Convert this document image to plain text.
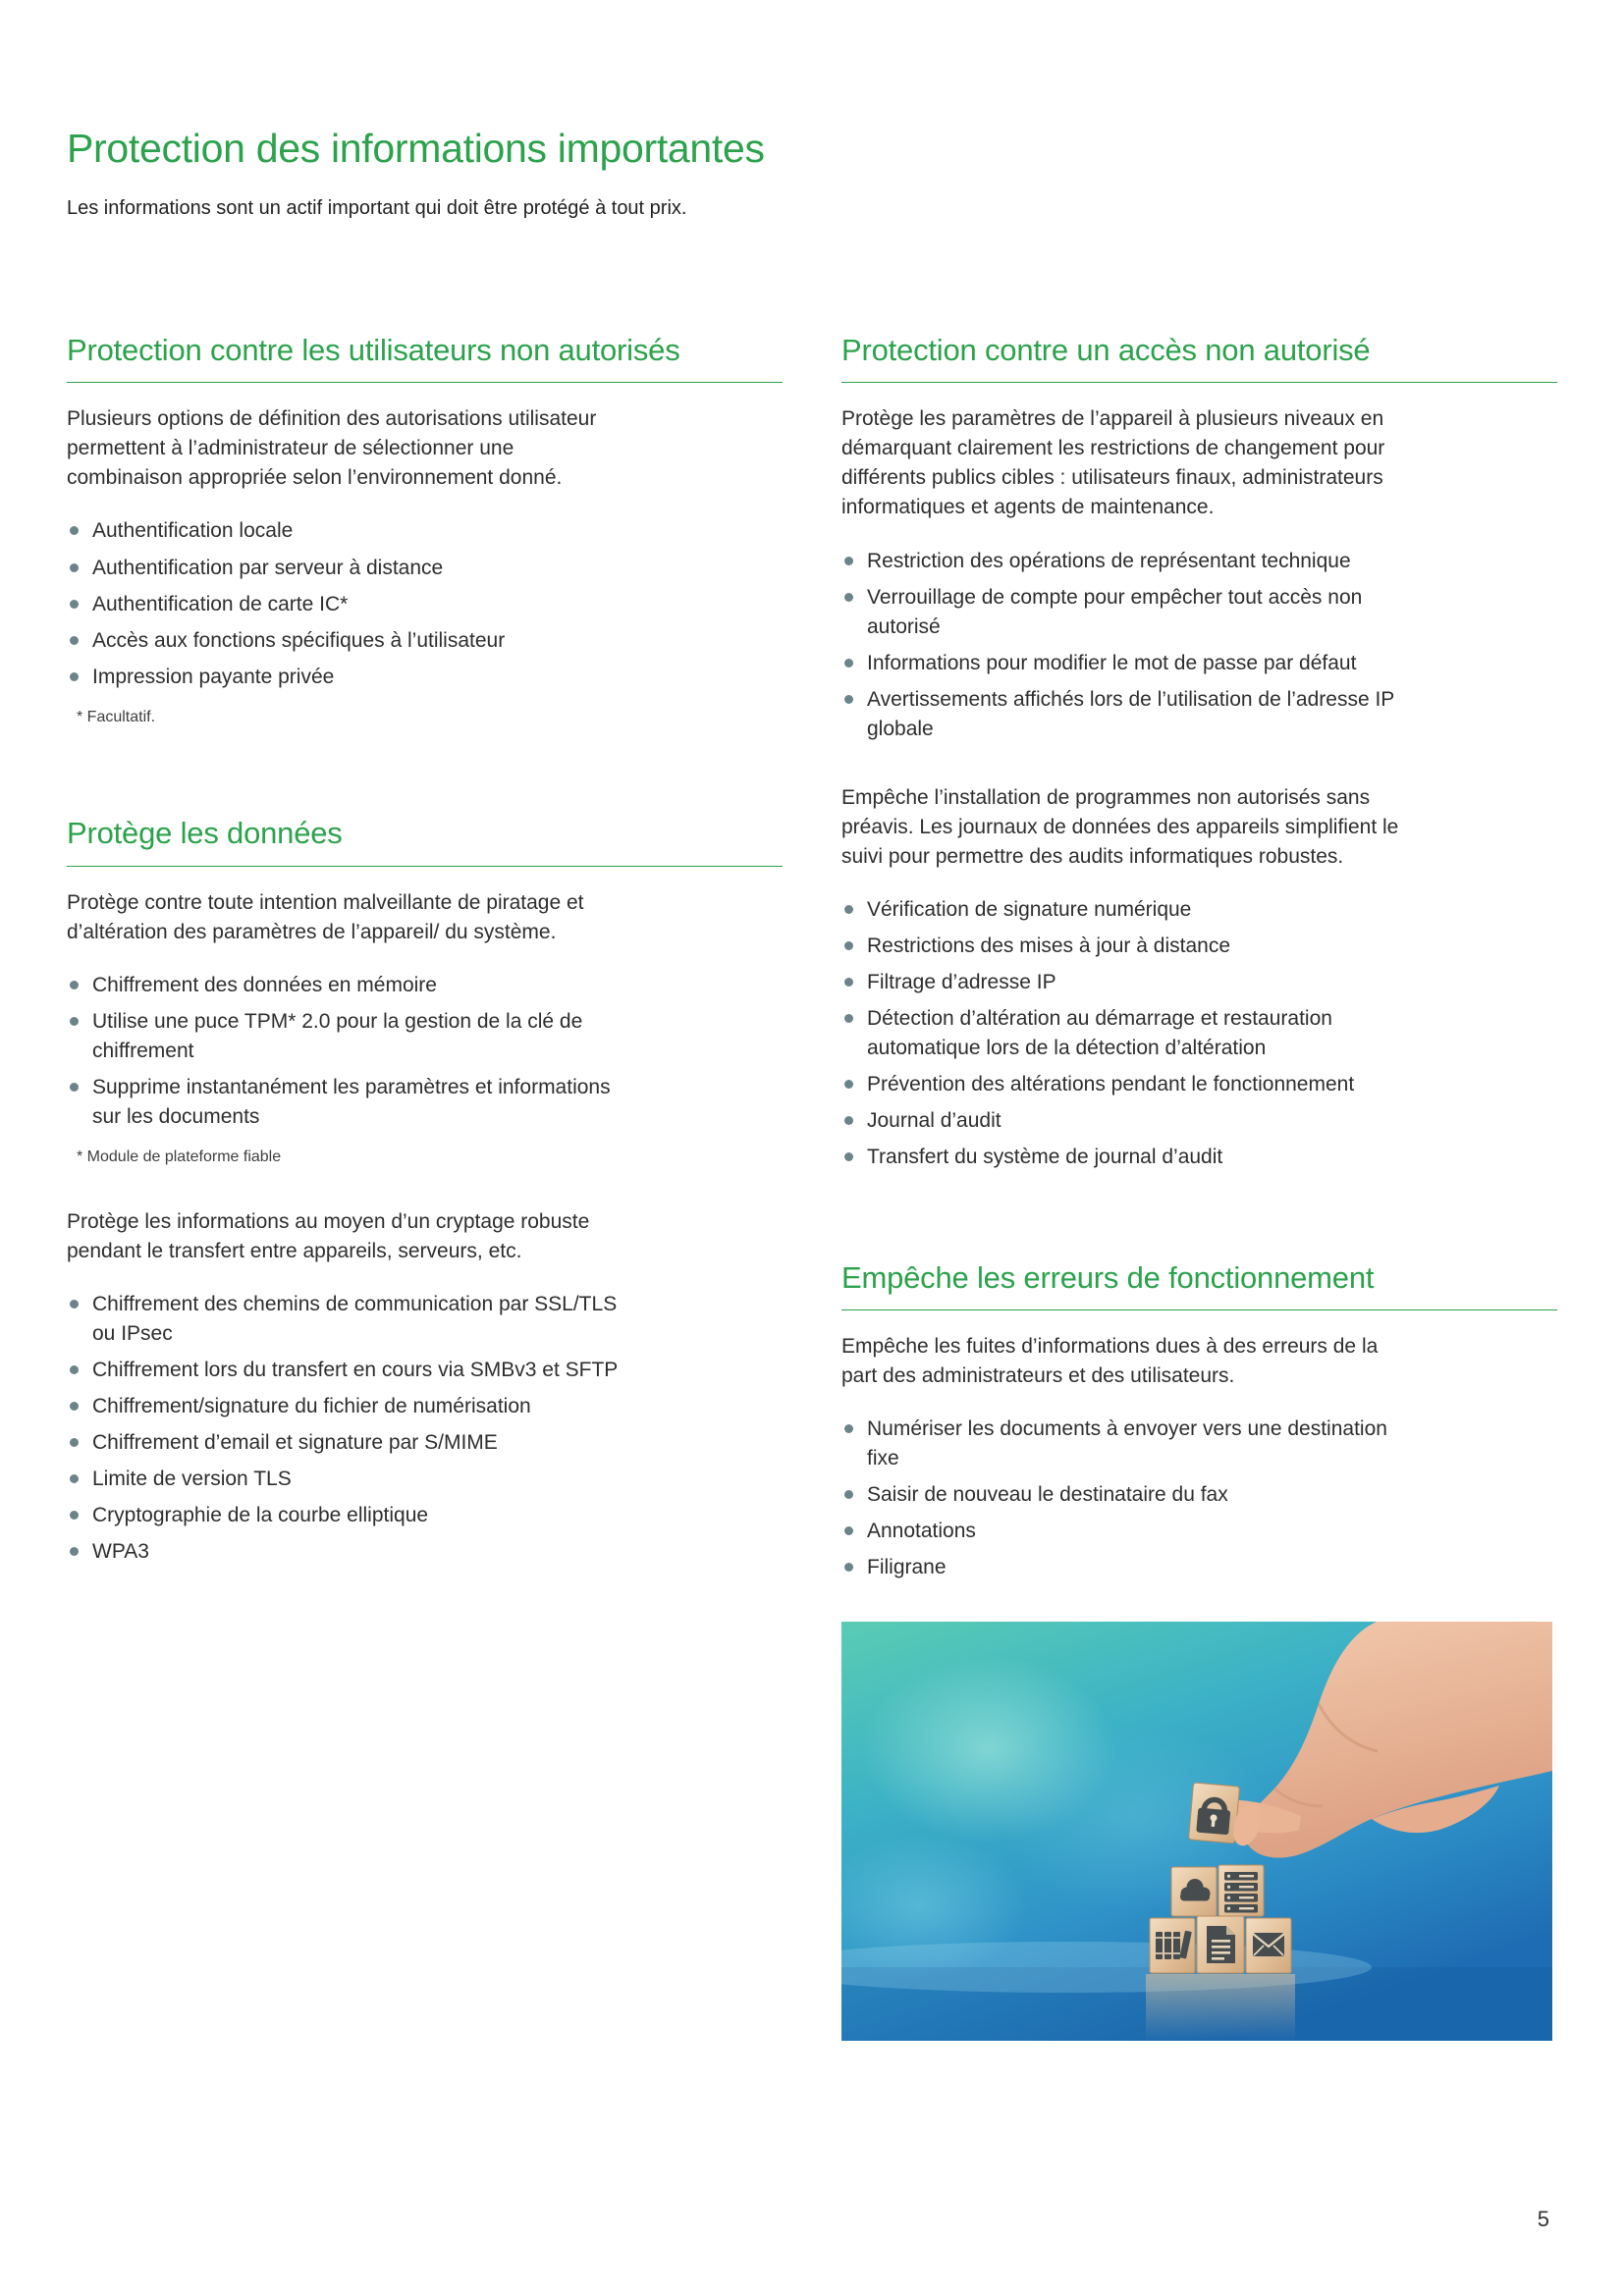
Protection des informations importantes

Les informations sont un actif important qui doit être protégé à tout prix.

Protection contre les utilisateurs non autorisés

Plusieurs options de définition des autorisations utilisateur permettent à l’administrateur de sélectionner une combinaison appropriée selon l’environnement donné.

Authentification locale
Authentification par serveur à distance
Authentification de carte IC*
Accès aux fonctions spécifiques à l’utilisateur
Impression payante privée

* Facultatif.

Protège les données

Protège contre toute intention malveillante de piratage et d’altération des paramètres de l’appareil/ du système.

Chiffrement des données en mémoire
Utilise une puce TPM* 2.0 pour la gestion de la clé de chiffrement
Supprime instantanément les paramètres et informations sur les documents

* Module de plateforme fiable

Protège les informations au moyen d’un cryptage robuste pendant le transfert entre appareils, serveurs, etc.

Chiffrement des chemins de communication par SSL/TLS ou IPsec
Chiffrement lors du transfert en cours via SMBv3 et SFTP
Chiffrement/signature du fichier de numérisation
Chiffrement d’email et signature par S/MIME
Limite de version TLS
Cryptographie de la courbe elliptique
WPA3
Protection contre un accès non autorisé

Protège les paramètres de l’appareil à plusieurs niveaux en démarquant clairement les restrictions de changement pour différents publics cibles : utilisateurs finaux, administrateurs informatiques et agents de maintenance.

Restriction des opérations de représentant technique
Verrouillage de compte pour empêcher tout accès non autorisé
Informations pour modifier le mot de passe par défaut
Avertissements affichés lors de l’utilisation de l’adresse IP globale

Empêche l’installation de programmes non autorisés sans préavis. Les journaux de données des appareils simplifient le suivi pour permettre des audits informatiques robustes.

Vérification de signature numérique
Restrictions des mises à jour à distance
Filtrage d’adresse IP
Détection d’altération au démarrage et restauration automatique lors de la détection d’altération
Prévention des altérations pendant le fonctionnement
Journal d’audit
Transfert du système de journal d’audit
Empêche les erreurs de fonctionnement

Empêche les fuites d’informations dues à des erreurs de la part des administrateurs et des utilisateurs.

Numériser les documents à envoyer vers une destination fixe
Saisir de nouveau le destinataire du fax
Annotations
Filigrane
5
